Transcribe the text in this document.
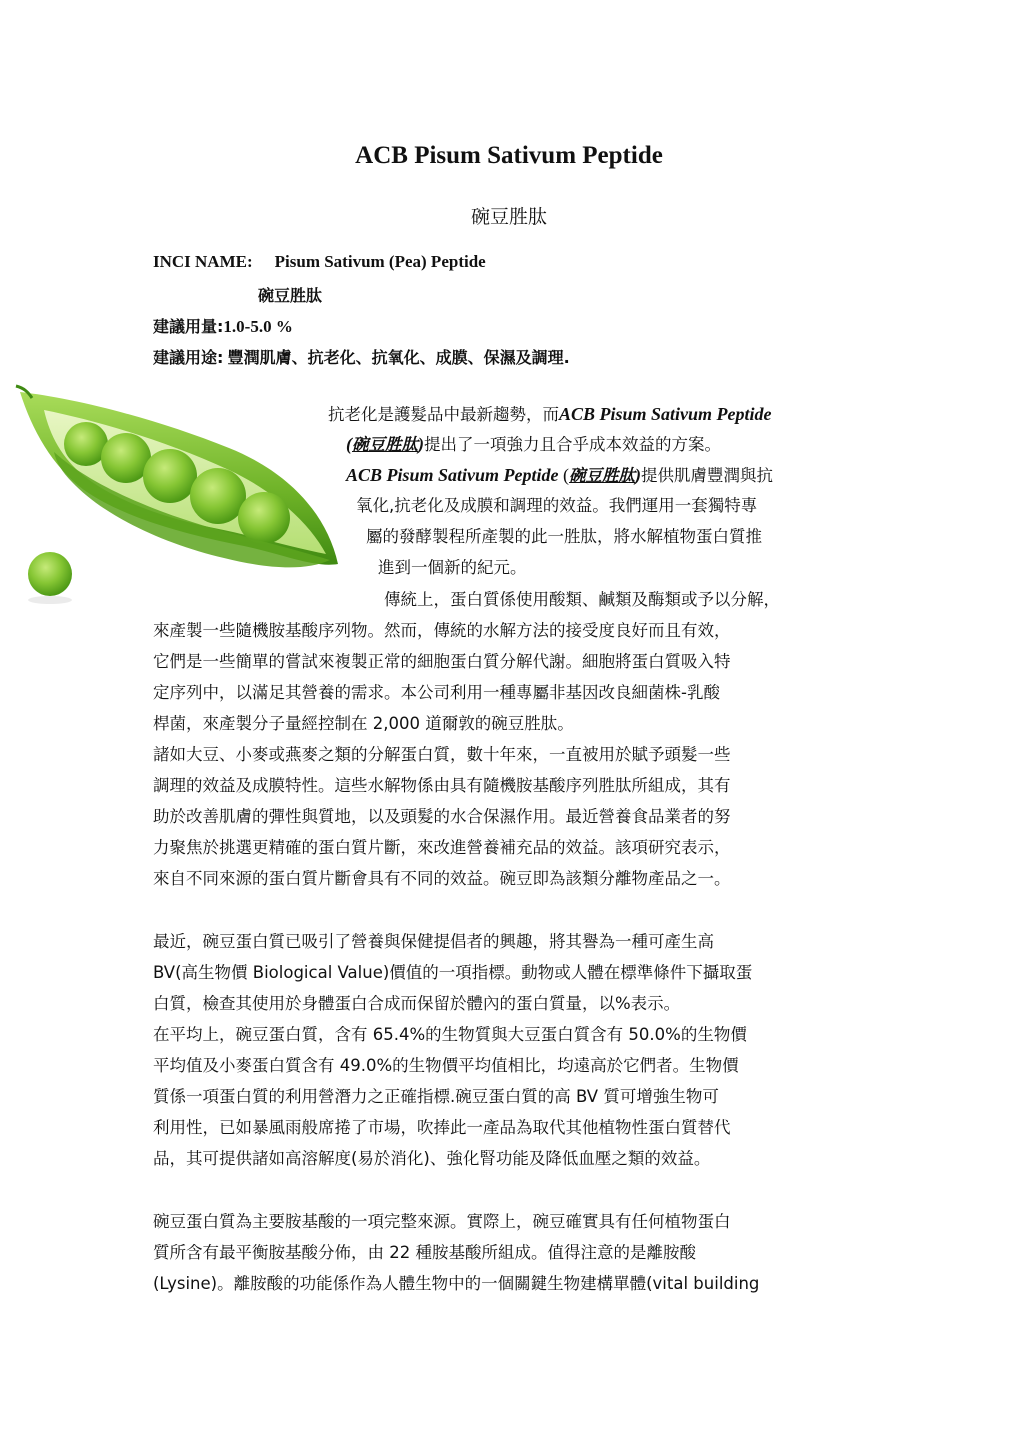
ACB Pisum Sativum Peptide
碗豆胜肽
INCI NAME: Pisum Sativum (Pea) Peptide
碗豆胜肽
建議用量:1.0-5.0 %
建議用途: 豐潤肌膚、抗老化、抗氧化、成膜、保濕及調理.
抗老化是護髮品中最新趨勢，而ACB Pisum Sativum Peptide
(碗豆胜肽)提出了一項強力且合乎成本效益的方案。
ACB Pisum Sativum Peptide (碗豆胜肽)提供肌膚豐潤與抗
氧化,抗老化及成膜和調理的效益。我們運用一套獨特專
屬的發酵製程所產製的此一胜肽，將水解植物蛋白質推
進到一個新的紀元。
傳統上，蛋白質係使用酸類、鹹類及酶類或予以分解，
來產製一些隨機胺基酸序列物。然而，傳統的水解方法的接受度良好而且有效，
它們是一些簡單的嘗試來複製正常的細胞蛋白質分解代謝。細胞將蛋白質吸入特
定序列中，以滿足其營養的需求。本公司利用一種專屬非基因改良細菌株-乳酸
桿菌，來產製分子量經控制在 2,000 道爾敦的碗豆胜肽。
諸如大豆、小麥或燕麥之類的分解蛋白質，數十年來，一直被用於賦予頭髮一些
調理的效益及成膜特性。這些水解物係由具有隨機胺基酸序列胜肽所組成，其有
助於改善肌膚的彈性與質地，以及頭髮的水合保濕作用。最近營養食品業者的努
力聚焦於挑選更精確的蛋白質片斷，來改進營養補充品的效益。該項研究表示，
來自不同來源的蛋白質片斷會具有不同的效益。碗豆即為該類分離物產品之一。
最近，碗豆蛋白質已吸引了營養與保健提倡者的興趣，將其譽為一種可產生高
BV(高生物價 Biological Value)價值的一項指標。動物或人體在標準條件下攝取蛋
白質，檢查其使用於身體蛋白合成而保留於體內的蛋白質量，以%表示。
在平均上，碗豆蛋白質，含有 65.4%的生物質與大豆蛋白質含有 50.0%的生物價
平均值及小麥蛋白質含有 49.0%的生物價平均值相比，均遠高於它們者。生物價
質係一項蛋白質的利用營潛力之正確指標.碗豆蛋白質的高 BV 質可增強生物可
利用性，已如暴風雨般席捲了市場，吹捧此一產品為取代其他植物性蛋白質替代
品，其可提供諸如高溶解度(易於消化)、強化腎功能及降低血壓之類的效益。
碗豆蛋白質為主要胺基酸的一項完整來源。實際上，碗豆確實具有任何植物蛋白
質所含有最平衡胺基酸分佈，由 22 種胺基酸所組成。值得注意的是離胺酸
(Lysine)。離胺酸的功能係作為人體生物中的一個關鍵生物建構單體(vital building
